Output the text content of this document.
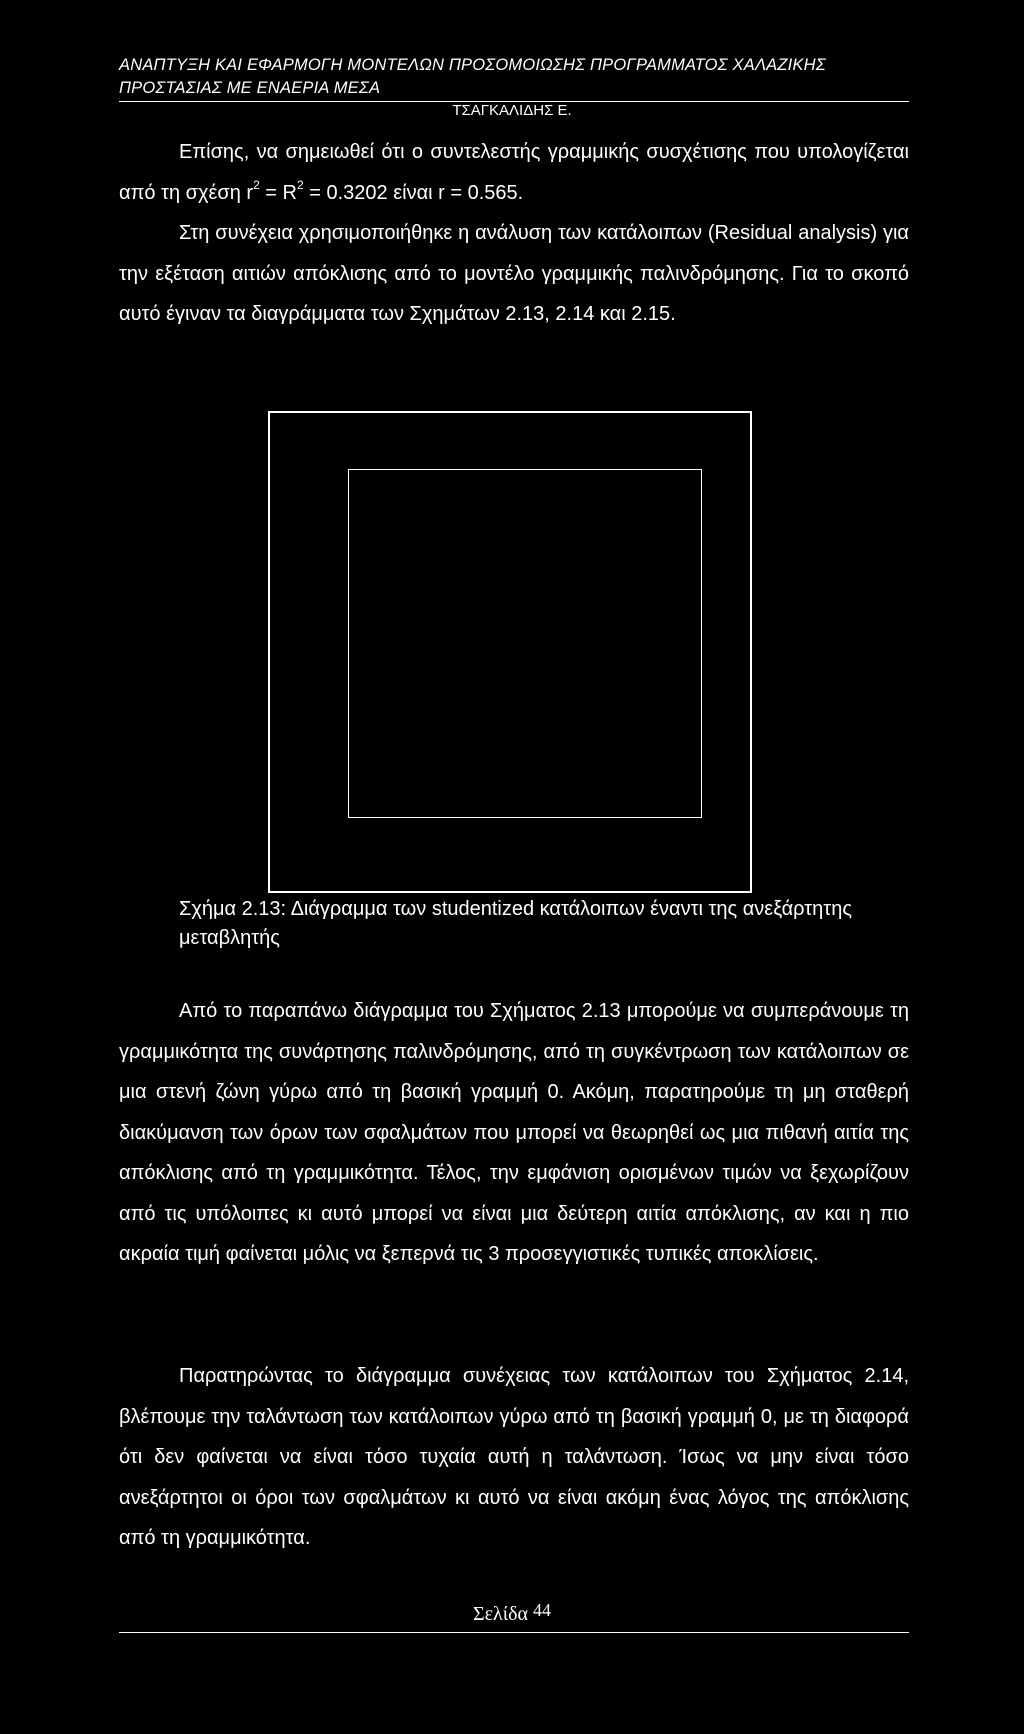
ΑΝΑΠΤΥΞΗ ΚΑΙ ΕΦΑΡΜΟΓΗ ΜΟΝΤΕΛΩΝ ΠΡΟΣΟΜΟΙΩΣΗΣ ΠΡΟΓΡΑΜΜΑΤΟΣ ΧΑΛΑΖΙΚΗΣ ΠΡΟΣΤΑΣΙΑΣ ΜΕ ΕΝΑΕΡΙΑ ΜΕΣΑ
ΤΣΑΓΚΑΛΙΔΗΣ Ε.

Επίσης, να σημειωθεί ότι ο συντελεστής γραμμικής συσχέτισης που υπολογίζεται από τη σχέση $r^2 = R^2 = 0.3202$ είναι r = 0.565.

Στη συνέχεια χρησιμοποιήθηκε η ανάλυση των κατάλοιπων (Residual analysis) για την εξέταση αιτιών απόκλισης από το μοντέλο γραμμικής παλινδρόμησης. Για το σκοπό αυτό έγιναν τα διαγράμματα των Σχημάτων 2.13, 2.14 και 2.15.

Σχήμα 2.13: Διάγραμμα των studentized κατάλοιπων έναντι της ανεξάρτητης μεταβλητής

Από το παραπάνω διάγραμμα του Σχήματος 2.13 μπορούμε να συμπεράνουμε τη γραμμικότητα της συνάρτησης παλινδρόμησης, από τη συγκέντρωση των κατάλοιπων σε μια στενή ζώνη γύρω από τη βασική γραμμή 0. Ακόμη, παρατηρούμε τη μη σταθερή διακύμανση των όρων των σφαλμάτων που μπορεί να θεωρηθεί ως μια πιθανή αιτία της απόκλισης από τη γραμμικότητα. Τέλος, την εμφάνιση ορισμένων τιμών να ξεχωρίζουν από τις υπόλοιπες κι αυτό μπορεί να είναι μια δεύτερη αιτία απόκλισης, αν και η πιο ακραία τιμή φαίνεται μόλις να ξεπερνά τις 3 προσεγγιστικές τυπικές αποκλίσεις.

Παρατηρώντας το διάγραμμα συνέχειας των κατάλοιπων του Σχήματος 2.14, βλέπουμε την ταλάντωση των κατάλοιπων γύρω από τη βασική γραμμή 0, με τη διαφορά ότι δεν φαίνεται να είναι τόσο τυχαία αυτή η ταλάντωση. Ίσως να μην είναι τόσο ανεξάρτητοι οι όροι των σφαλμάτων κι αυτό να είναι ακόμη ένας λόγος της απόκλισης από τη γραμμικότητα.

Σελίδα 44
